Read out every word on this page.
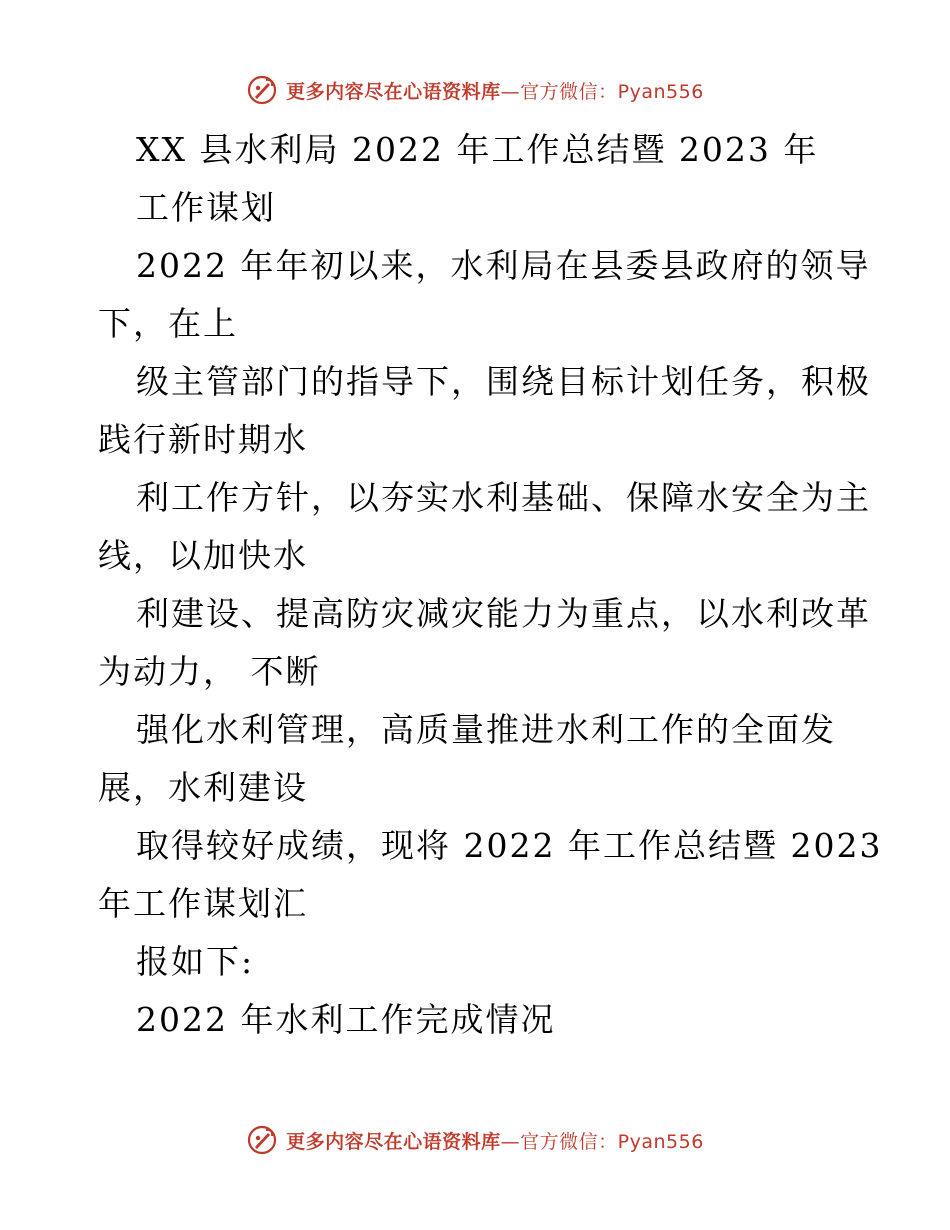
更多内容尽在心语资料库—官方微信：Pyan556
XX 县水利局 2022 年工作总结暨 2023 年
工作谋划
2022 年年初以来，水利局在县委县政府的领导
下，在上
级主管部门的指导下，围绕目标计划任务，积极
践行新时期水
利工作方针，以夯实水利基础、保障水安全为主
线，以加快水
利建设、提高防灾减灾能力为重点，以水利改革
为动力， 不断
强化水利管理，高质量推进水利工作的全面发
展，水利建设
取得较好成绩，现将 2022 年工作总结暨 2023
年工作谋划汇
报如下:
2022 年水利工作完成情况
更多内容尽在心语资料库—官方微信：Pyan556
